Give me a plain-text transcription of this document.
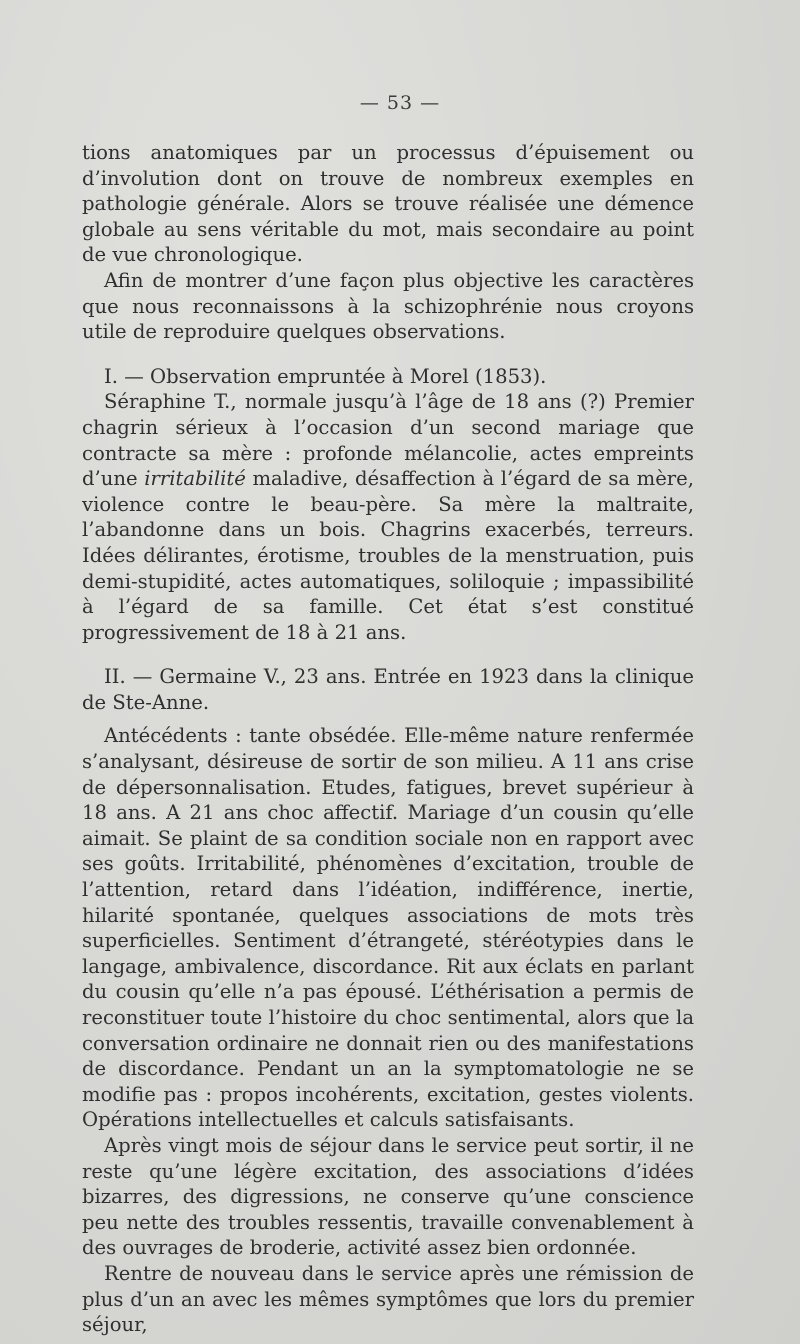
— 53 —

tions anatomiques par un processus d’épuisement ou d’involution dont on trouve de nombreux exemples en pathologie générale. Alors se trouve réalisée une démence globale au sens véritable du mot, mais secondaire au point de vue chronologique.

Afin de montrer d’une façon plus objective les caractères que nous reconnaissons à la schizophrénie nous croyons utile de reproduire quelques observations.

I. — Observation empruntée à Morel (1853).

Séraphine T., normale jusqu’à l’âge de 18 ans (?) Premier chagrin sérieux à l’occasion d’un second mariage que contracte sa mère : profonde mélancolie, actes empreints d’une irritabilité maladive, désaffection à l’égard de sa mère, violence contre le beau-père. Sa mère la maltraite, l’abandonne dans un bois. Chagrins exacerbés, terreurs. Idées délirantes, érotisme, troubles de la menstruation, puis demi-stupidité, actes automatiques, soliloquie ; impassibilité à l’égard de sa famille. Cet état s’est constitué progressivement de 18 à 21 ans.

II. — Germaine V., 23 ans. Entrée en 1923 dans la clinique de Ste-Anne.

Antécédents : tante obsédée. Elle-même nature renfermée s’analysant, désireuse de sortir de son milieu. A 11 ans crise de dépersonnalisation. Etudes, fatigues, brevet supérieur à 18 ans. A 21 ans choc affectif. Mariage d’un cousin qu’elle aimait. Se plaint de sa condition sociale non en rapport avec ses goûts. Irritabilité, phénomènes d’excitation, trouble de l’attention, retard dans l’idéation, indifférence, inertie, hilarité spontanée, quelques associations de mots très superficielles. Sentiment d’étrangeté, stéréotypies dans le langage, ambivalence, discordance. Rit aux éclats en parlant du cousin qu’elle n’a pas épousé. L’éthérisation a permis de reconstituer toute l’histoire du choc sentimental, alors que la conversation ordinaire ne donnait rien ou des manifestations de discordance. Pendant un an la symptomatologie ne se modifie pas : propos incohérents, excitation, gestes violents. Opérations intellectuelles et calculs satisfaisants.

Après vingt mois de séjour dans le service peut sortir, il ne reste qu’une légère excitation, des associations d’idées bizarres, des digressions, ne conserve qu’une conscience peu nette des troubles ressentis, travaille convenablement à des ouvrages de broderie, activité assez bien ordonnée.

Rentre de nouveau dans le service après une rémission de plus d’un an avec les mêmes symptômes que lors du premier séjour,
